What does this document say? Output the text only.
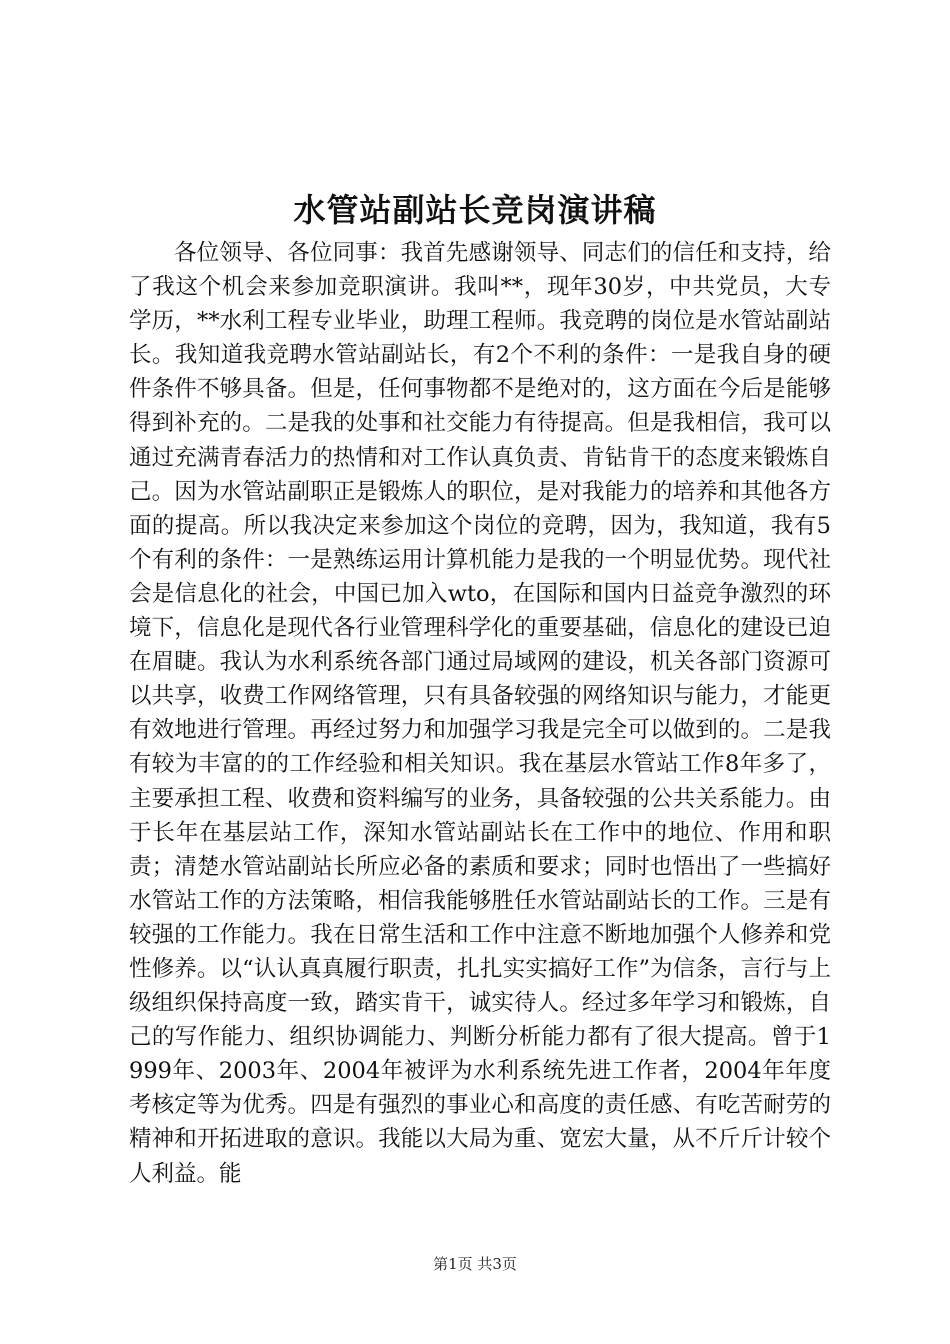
水管站副站长竞岗演讲稿

各位领导、各位同事：我首先感谢领导、同志们的信任和支持，给了我这个机会来参加竞职演讲。我叫**，现年30岁，中共党员，大专学历，**水利工程专业毕业，助理工程师。我竞聘的岗位是水管站副站长。我知道我竞聘水管站副站长，有2个不利的条件：一是我自身的硬件条件不够具备。但是，任何事物都不是绝对的，这方面在今后是能够得到补充的。二是我的处事和社交能力有待提高。但是我相信，我可以通过充满青春活力的热情和对工作认真负责、肯钻肯干的态度来锻炼自己。因为水管站副职正是锻炼人的职位，是对我能力的培养和其他各方面的提高。所以我决定来参加这个岗位的竞聘，因为，我知道，我有5个有利的条件：一是熟练运用计算机能力是我的一个明显优势。现代社会是信息化的社会，中国已加入wto，在国际和国内日益竞争激烈的环境下，信息化是现代各行业管理科学化的重要基础，信息化的建设已迫在眉睫。我认为水利系统各部门通过局域网的建设，机关各部门资源可以共享，收费工作网络管理，只有具备较强的网络知识与能力，才能更有效地进行管理。再经过努力和加强学习我是完全可以做到的。二是我有较为丰富的的工作经验和相关知识。我在基层水管站工作8年多了，主要承担工程、收费和资料编写的业务，具备较强的公共关系能力。由于长年在基层站工作，深知水管站副站长在工作中的地位、作用和职责；清楚水管站副站长所应必备的素质和要求；同时也悟出了一些搞好水管站工作的方法策略，相信我能够胜任水管站副站长的工作。三是有较强的工作能力。我在日常生活和工作中注意不断地加强个人修养和党性修养。以“认认真真履行职责，扎扎实实搞好工作”为信条，言行与上级组织保持高度一致，踏实肯干，诚实待人。经过多年学习和锻炼，自己的写作能力、组织协调能力、判断分析能力都有了很大提高。曾于1999年、2003年、2004年被评为水利系统先进工作者，2004年年度考核定等为优秀。四是有强烈的事业心和高度的责任感、有吃苦耐劳的精神和开拓进取的意识。我能以大局为重、宽宏大量，从不斤斤计较个人利益。能

第1页 共3页
